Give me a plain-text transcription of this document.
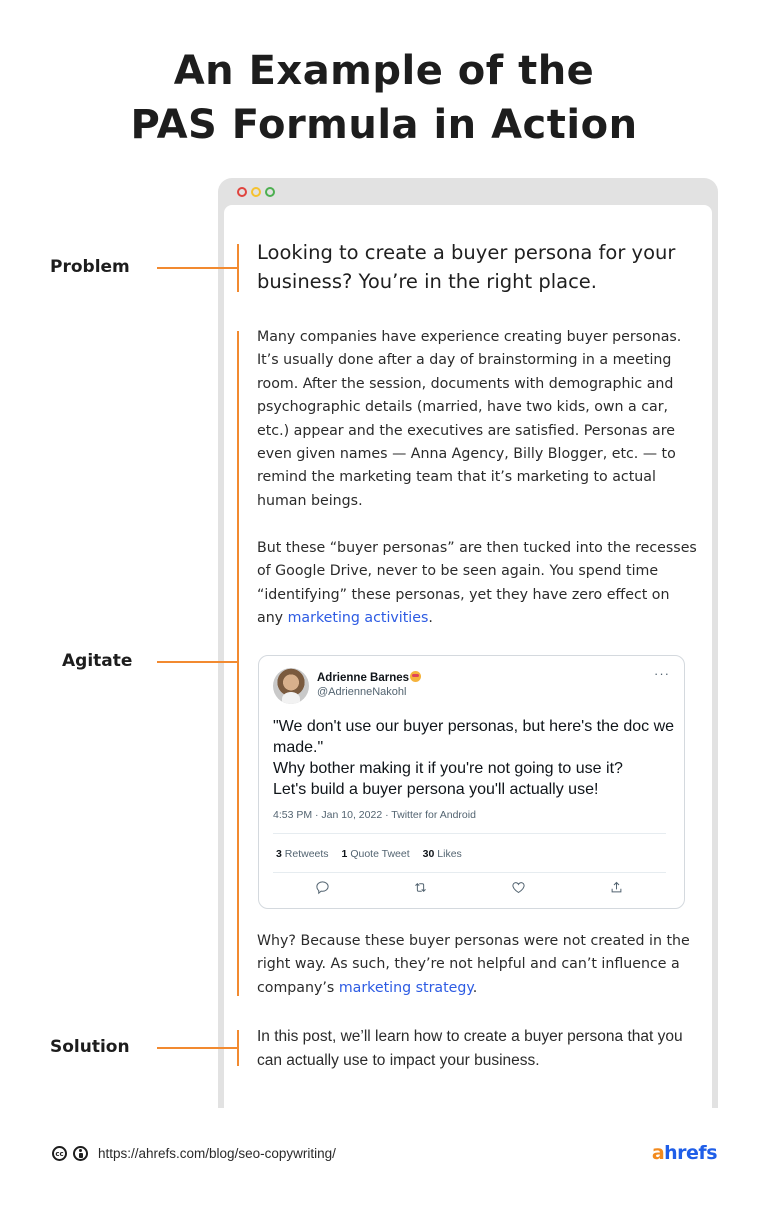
An Example of the
PAS Formula in Action
Looking to create a buyer persona for your business? You’re in the right place.

Many companies have experience creating buyer personas. It’s usually done after a day of brainstorming in a meeting room. After the session, documents with demographic and psychographic details (married, have two kids, own a car, etc.) appear and the executives are satisfied. Personas are even given names — Anna Agency, Billy Blogger, etc. — to remind the marketing team that it’s marketing to actual human beings.

But these “buyer personas” are then tucked into the recesses of Google Drive, never to be seen again. You spend time “identifying” these personas, yet they have zero effect on any marketing activities.

Adrienne Barnes
@AdrienneNakohl
···
"We don't use our buyer personas, but here's the doc we made."
Why bother making it if you're not going to use it?
Let's build a buyer persona you'll actually use!
4:53 PM · Jan 10, 2022 · Twitter for Android
3 Retweets 1 Quote Tweet 30 Likes

Why? Because these buyer personas were not created in the right way. As such, they’re not helpful and can’t influence a company’s marketing strategy.

In this post, we’ll learn how to create a buyer persona that you can actually use to impact your business.

Problem
Agitate
Solution
cc	https://ahrefs.com/blog/seo-copywriting/	ahrefs
